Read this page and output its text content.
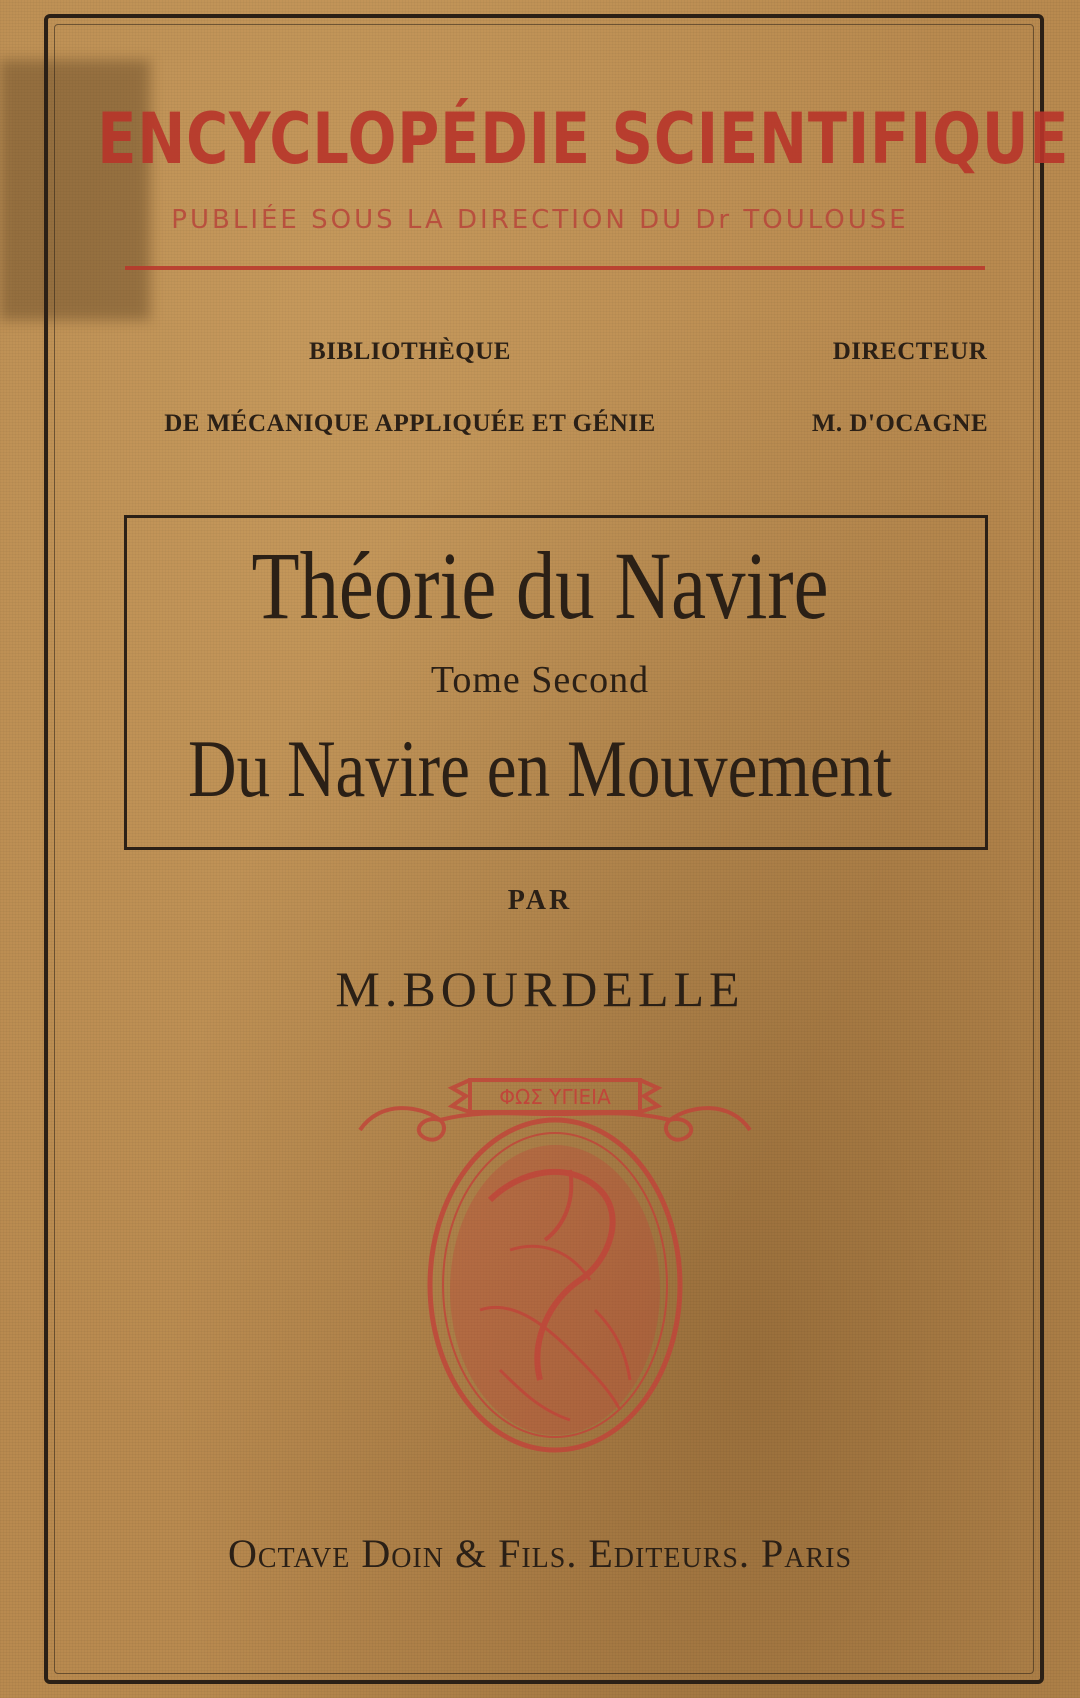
ENCYCLOPÉDIE SCIENTIFIQUE

PUBLIÉE SOUS LA DIRECTION DU Dr TOULOUSE

BIBLIOTHÈQUE

DE MÉCANIQUE APPLIQUÉE ET GÉNIE

DIRECTEUR

M. D'OCAGNE

Théorie du Navire

Tome Second

Du Navire en Mouvement

PAR

M.BOURDELLE

ΦΩΣ ΥΓΙΕΙΑ

Octave Doin & Fils. Editeurs. Paris
